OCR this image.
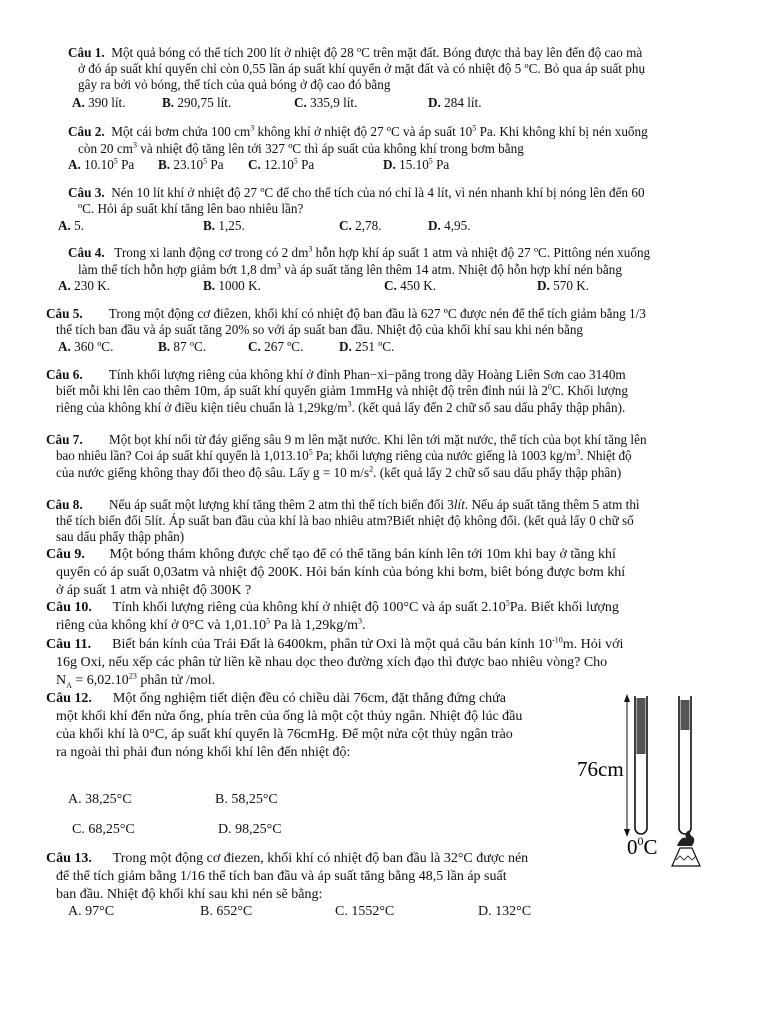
Câu 1. Một quả bóng có thể tích 200 lít ở nhiệt độ 28 ºC trên mặt đất. Bóng được thả bay lên đến độ cao mà
ở đó áp suất khí quyển chỉ còn 0,55 lần áp suất khí quyển ở mặt đất và có nhiệt độ 5 ºC. Bỏ qua áp suất phụ
gây ra bởi vỏ bóng, thể tích của quả bóng ở độ cao đó bằng
A. 390 lít.	B. 290,75 lít.	C. 335,9 lít.	D. 284 lít.
Câu 2. Một cái bơm chứa 100 $cm^3$ không khí ở nhiệt độ 27 ºC và áp suất $10^5$ Pa. Khi không khí bị nén xuống
còn 20 $cm^3$ và nhiệt độ tăng lên tới 327 ºC thì áp suất của không khí trong bơm bằng
A. 10.10$^5$ Pa B. 23.10$^5$ Pa C. 12.10$^5$ Pa	D. 15.10$^5$ Pa
Câu 3. Nén 10 lít khí ở nhiệt độ 27 ºC để cho thể tích của nó chỉ là 4 lít, vì nén nhanh khí bị nóng lên đến 60
ºC. Hỏi áp suất khí tăng lên bao nhiêu lần?
A. 5.	B. 1,25.	C. 2,78.	D. 4,95.
Câu 4. Trong xi lanh động cơ trong có 2 $dm^3$ hỗn hợp khí áp suất 1 atm và nhiệt độ 27 ºC. Pittông nén xuống
làm thể tích hỗn hợp giảm bớt 1,8 $dm^3$ và áp suất tăng lên thêm 14 atm. Nhiệt độ hỗn hợp khí nén bằng
A. 230 K.	B. 1000 K.	C. 450 K.	D. 570 K.
Câu 5. Trong một động cơ điêzen, khối khí có nhiệt độ ban đầu là 627 ºC được nén để thể tích giảm bằng 1/3
thể tích ban đầu và áp suất tăng 20% so với áp suất ban đầu. Nhiệt độ của khối khí sau khi nén bằng
A. 360 ºC.	B. 87 ºC.	C. 267 ºC.	D. 251 ºC.
Câu 6. Tính khối lượng riêng của không khí ở đỉnh Phan−xi−păng trong dãy Hoàng Liên Sơn cao 3140m
biết mỗi khi lên cao thêm 10m, áp suất khí quyển giảm 1mmHg và nhiệt độ trên đỉnh núi là $2^0C$. Khối lượng
riêng của không khí ở điều kiện tiêu chuẩn là $1,29kg/m^3$. (kết quả lấy đến 2 chữ số sau dấu phẩy thập phân).
Câu 7. Một bọt khí nổi từ đáy giếng sâu 9 m lên mặt nước. Khi lên tới mặt nước, thể tích của bọt khí tăng lên
bao nhiêu lần? Coi áp suất khí quyển là 1,013.10$^5$ Pa; khối lượng riêng của nước giếng là 1003 $kg/m^3$. Nhiệt độ
của nước giếng không thay đổi theo độ sâu. Lấy g = 10 $m/s^2$. (kết quả lấy 2 chữ số sau dấu phẩy thập phân)
Câu 8. Nếu áp suất một lượng khí tăng thêm 2 atm thì thể tích biến đổi 3lít. Nếu áp suất tăng thêm 5 atm thì
thể tích biến đổi 5lít. Áp suất ban đầu của khí là bao nhiêu atm?Biết nhiệt độ không đổi. (kết quả lấy 0 chữ số
sau dấu phẩy thập phân)
Câu 9. Một bóng thám không được chế tạo để có thể tăng bán kính lên tới 10m khi bay ở tầng khí
quyển có áp suất 0,03atm và nhiệt độ 200K. Hỏi bán kính của bóng khi bơm, biêt bóng được bơm khí
ở áp suất 1 atm và nhiệt độ 300K ?
Câu 10. Tính khối lượng riêng của không khí ở nhiệt độ 100°C và áp suất 2.10$^5$Pa. Biết khối lượng
riêng của không khí ở 0°C và 1,01.10$^5$ Pa là $1,29kg/m^3$.
Câu 11. Biết bán kính của Trái Đất là 6400km, phân tử Oxi là một quả cầu bán kính $10^{-10}m$. Hỏi với
16g Oxi, nếu xếp các phân tử liền kề nhau dọc theo đường xích đạo thì được bao nhiêu vòng? Cho
$N_A = 6,02.10^{23}$ phân tử /mol.
Câu 12. Một ống nghiệm tiết diện đều có chiều dài 76cm, đặt thẳng đứng chứa
một khối khí đến nửa ống, phía trên của ống là một cột thủy ngân. Nhiệt độ lúc đầu
của khối khí là 0°C, áp suất khí quyển là 76cmHg. Để một nửa cột thủy ngân trào
ra ngoài thì phải đun nóng khối khí lên đến nhiệt độ:
A. 38,25°C	B. 58,25°C
C. 68,25°C	D. 98,25°C
76cm
$0^0C$
Câu 13. Trong một động cơ điezen, khối khí có nhiệt độ ban đầu là 32°C được nén
để thể tích giảm bằng 1/16 thể tích ban đầu và áp suất tăng bằng 48,5 lần áp suất
ban đầu. Nhiệt độ khối khí sau khi nén sẽ bằng:
A. 97°C	B. 652°C	C. 1552°C	D. 132°C
